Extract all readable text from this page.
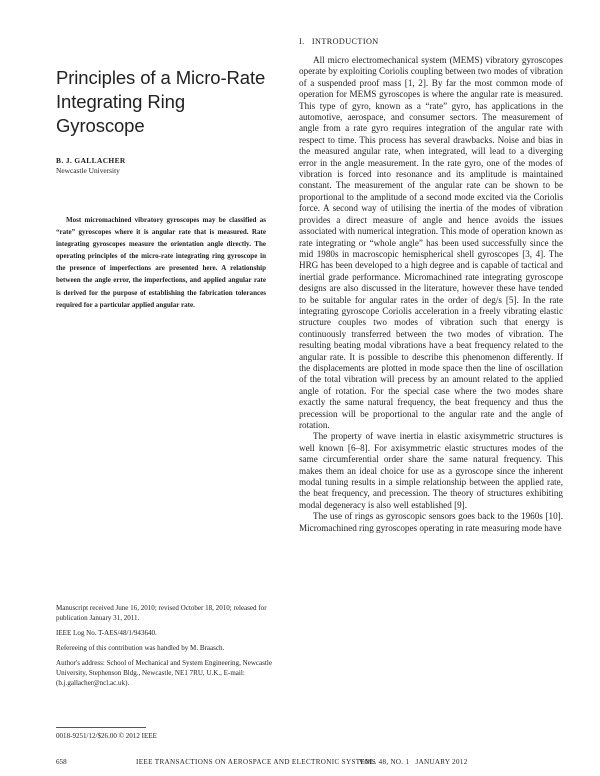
Principles of a Micro-Rate Integrating Ring Gyroscope
B. J. GALLACHER
Newcastle University

Most micromachined vibratory gyroscopes may be classified as “rate” gyroscopes where it is angular rate that is measured. Rate integrating gyroscopes measure the orientation angle directly. The operating principles of the micro-rate integrating ring gyroscope in the presence of imperfections are presented here. A relationship between the angle error, the imperfections, and applied angular rate is derived for the purpose of establishing the fabrication tolerances required for a particular applied angular rate.

Manuscript received June 16, 2010; revised October 18, 2010; released for publication January 31, 2011.

IEEE Log No. T-AES/48/1/943640.

Refereeing of this contribution was handled by M. Braasch.

Author's address: School of Mechanical and System Engineering, Newcastle University, Stephenson Bldg., Newcastle, NE1 7RU, U.K., E-mail: (b.j.gallacher@ncl.ac.uk).

0018-9251/12/$26.00 © 2012 IEEE
I.   INTRODUCTION

All micro electromechanical system (MEMS) vibratory gyroscopes operate by exploiting Coriolis coupling between two modes of vibration of a suspended proof mass [1, 2]. By far the most common mode of operation for MEMS gyroscopes is where the angular rate is measured. This type of gyro, known as a “rate” gyro, has applications in the automotive, aerospace, and consumer sectors. The measurement of angle from a rate gyro requires integration of the angular rate with respect to time. This process has several drawbacks. Noise and bias in the measured angular rate, when integrated, will lead to a diverging error in the angle measurement. In the rate gyro, one of the modes of vibration is forced into resonance and its amplitude is maintained constant. The measurement of the angular rate can be shown to be proportional to the amplitude of a second mode excited via the Coriolis force. A second way of utilising the inertia of the modes of vibration provides a direct measure of angle and hence avoids the issues associated with numerical integration. This mode of operation known as rate integrating or “whole angle” has been used successfully since the mid 1980s in macroscopic hemispherical shell gyroscopes [3, 4]. The HRG has been developed to a high degree and is capable of tactical and inertial grade performance. Micromachined rate integrating gyroscope designs are also discussed in the literature, however these have tended to be suitable for angular rates in the order of deg/s [5]. In the rate integrating gyroscope Coriolis acceleration in a freely vibrating elastic structure couples two modes of vibration such that energy is continuously transferred between the two modes of vibration. The resulting beating modal vibrations have a beat frequency related to the angular rate. It is possible to describe this phenomenon differently. If the displacements are plotted in mode space then the line of oscillation of the total vibration will precess by an amount related to the applied angle of rotation. For the special case where the two modes share exactly the same natural frequency, the beat frequency and thus the precession will be proportional to the angular rate and the angle of rotation.

The property of wave inertia in elastic axisymmetric structures is well known [6–8]. For axisymmetric elastic structures modes of the same circumferential order share the same natural frequency. This makes them an ideal choice for use as a gyroscope since the inherent modal tuning results in a simple relationship between the applied rate, the beat frequency, and precession. The theory of structures exhibiting modal degeneracy is also well established [9].

The use of rings as gyroscopic sensors goes back to the 1960s [10]. Micromachined ring gyroscopes operating in rate measuring mode have

658	IEEE TRANSACTIONS ON AEROSPACE AND ELECTRONIC SYSTEMS
VOL. 48, NO. 1   JANUARY 2012
